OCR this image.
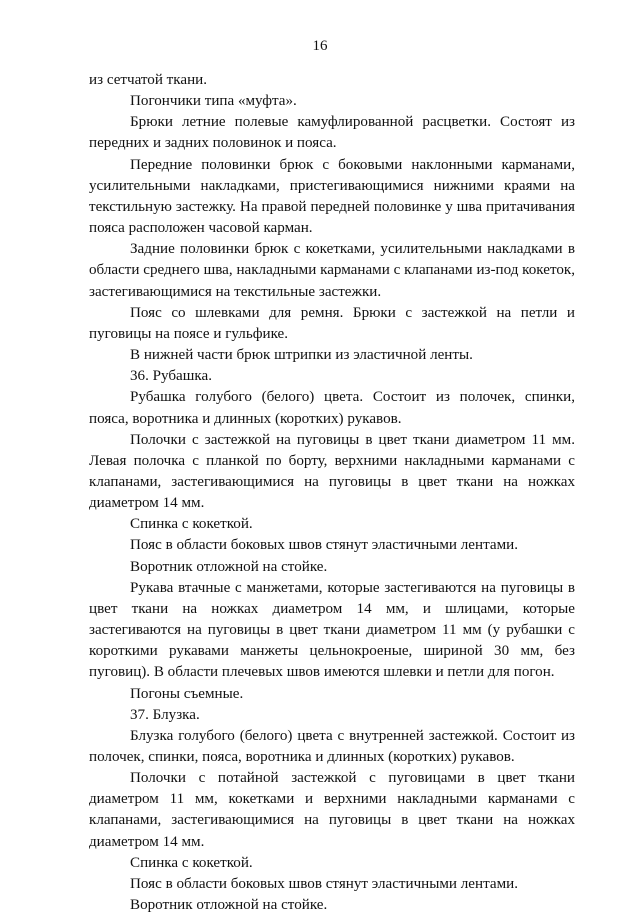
16

из сетчатой ткани.

Погончики типа «муфта».

Брюки летние полевые камуфлированной расцветки. Состоят из передних и задних половинок и пояса.

Передние половинки брюк с боковыми наклонными карманами, усилительными накладками, пристегивающимися нижними краями на текстильную застежку. На правой передней половинке у шва притачивания пояса расположен часовой карман.

Задние половинки брюк с кокетками, усилительными накладками в области среднего шва, накладными карманами с клапанами из-под кокеток, застегивающимися на текстильные застежки.

Пояс со шлевками для ремня. Брюки с застежкой на петли и пуговицы на поясе и гульфике.

В нижней части брюк штрипки из эластичной ленты.

36. Рубашка.

Рубашка голубого (белого) цвета. Состоит из полочек, спинки, пояса, воротника и длинных (коротких) рукавов.

Полочки с застежкой на пуговицы в цвет ткани диаметром 11 мм. Левая полочка с планкой по борту, верхними накладными карманами с клапанами, застегивающимися на пуговицы в цвет ткани на ножках диаметром 14 мм.

Спинка с кокеткой.

Пояс в области боковых швов стянут эластичными лентами.

Воротник отложной на стойке.

Рукава втачные с манжетами, которые застегиваются на пуговицы в цвет ткани на ножках диаметром 14 мм, и шлицами, которые застегиваются на пуговицы в цвет ткани диаметром 11 мм (у рубашки с короткими рукавами манжеты цельнокроеные, шириной 30 мм, без пуговиц). В области плечевых швов имеются шлевки и петли для погон.

Погоны съемные.

37. Блузка.

Блузка голубого (белого) цвета с внутренней застежкой. Состоит из полочек, спинки, пояса, воротника и длинных (коротких) рукавов.

Полочки с потайной застежкой с пуговицами в цвет ткани диаметром 11 мм, кокетками и верхними накладными карманами с клапанами, застегивающимися на пуговицы в цвет ткани на ножках диаметром 14 мм.

Спинка с кокеткой.

Пояс в области боковых швов стянут эластичными лентами.

Воротник отложной на стойке.
